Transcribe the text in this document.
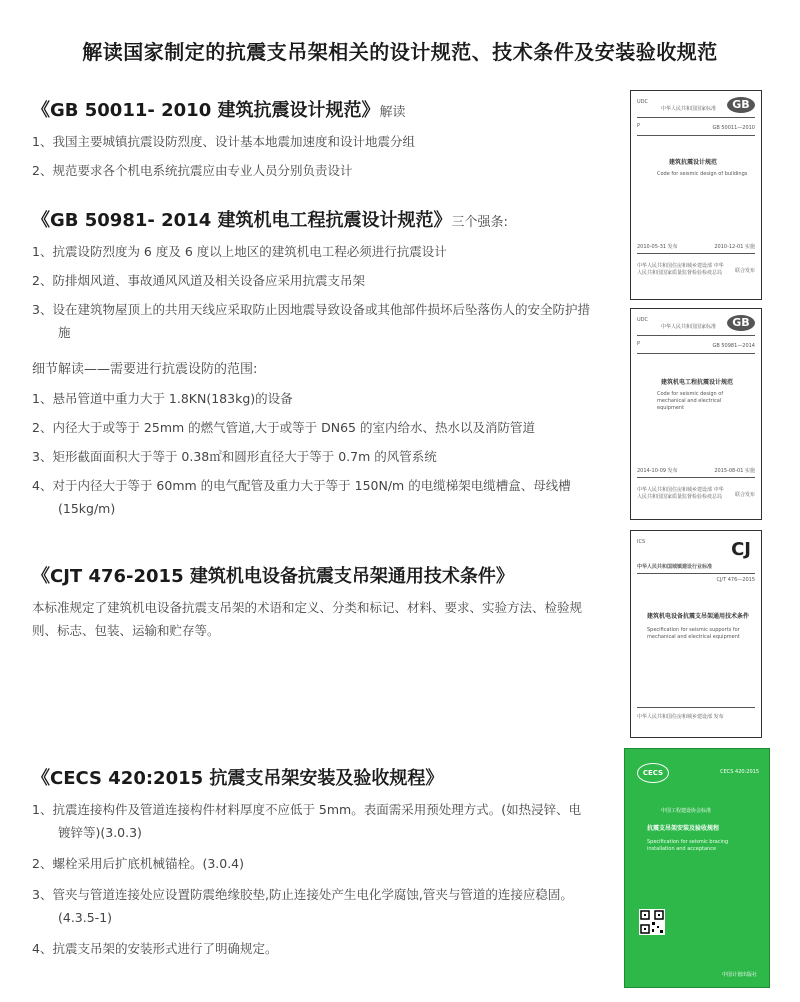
解读国家制定的抗震支吊架相关的设计规范、技术条件及安装验收规范
《GB 50011- 2010 建筑抗震设计规范》解读
1、我国主要城镇抗震设防烈度、设计基本地震加速度和设计地震分组
2、规范要求各个机电系统抗震应由专业人员分别负责设计
《GB 50981- 2014 建筑机电工程抗震设计规范》三个强条:
1、抗震设防烈度为 6 度及 6 度以上地区的建筑机电工程必须进行抗震设计
2、防排烟风道、事故通风风道及相关设备应采用抗震支吊架
3、设在建筑物屋顶上的共用天线应采取防止因地震导致设备或其他部件损坏后坠落伤人的安全防护措施
细节解读——需要进行抗震设防的范围:
1、悬吊管道中重力大于 1.8KN(183kg)的设备
2、内径大于或等于 25mm 的燃气管道,大于或等于 DN65 的室内给水、热水以及消防管道
3、矩形截面面积大于等于 0.38㎡和圆形直径大于等于 0.7m 的风管系统
4、对于内径大于等于 60mm 的电气配管及重力大于等于 150N/m 的电缆梯架电缆槽盒、母线槽(15kg/m)
《CJT 476-2015 建筑机电设备抗震支吊架通用技术条件》
本标准规定了建筑机电设备抗震支吊架的术语和定义、分类和标记、材料、要求、实验方法、检验规则、标志、包装、运输和贮存等。
《CECS 420:2015 抗震支吊架安装及验收规程》
1、抗震连接构件及管道连接构件材料厚度不应低于 5mm。表面需采用预处理方式。(如热浸锌、电镀锌等)(3.0.3)
2、螺栓采用后扩底机械锚栓。(3.0.4)
3、管夹与管道连接处应设置防震绝缘胶垫,防止连接处产生电化学腐蚀,管夹与管道的连接应稳固。(4.3.5-1)
4、抗震支吊架的安装形式进行了明确规定。
UDC
中华人民共和国国家标准	GB
P	GB 50011—2010
建筑抗震设计规范
Code for seismic design of buildings
2010-05-31 发布	2010-12-01 实施
中华人民共和国住房和城乡建设部 中华人民共和国国家质量监督检验检疫总局	联合发布
UDC
中华人民共和国国家标准	GB
P	GB 50981—2014
建筑机电工程抗震设计规范
Code for seismic design of mechanical and electrical equipment
2014-10-09 发布	2015-08-01 实施
中华人民共和国住房和城乡建设部 中华人民共和国国家质量监督检验检疫总局	联合发布
ICS	CJ
中华人民共和国城镇建设行业标准
CJ/T 476—2015
建筑机电设备抗震支吊架通用技术条件
Specification for seismic supports for mechanical and electrical equipment
中华人民共和国住房和城乡建设部 发布
CECS	CECS 420:2015
中国工程建设协会标准
抗震支吊架安装及验收规程
Specification for seismic bracing installation and acceptance
中国计划出版社
